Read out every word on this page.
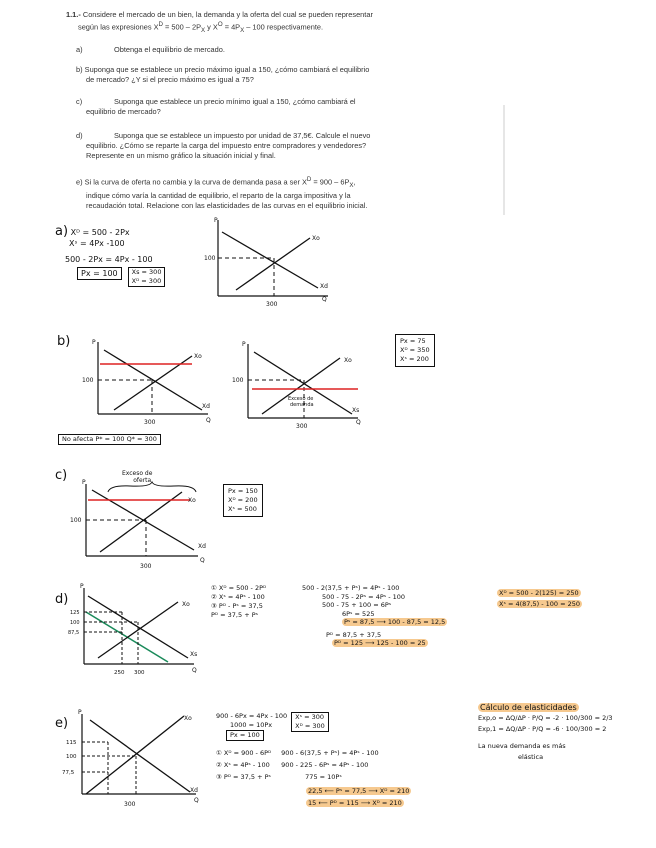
1.1.- Considere el mercado de un bien, la demanda y la oferta del cual se pueden representar
según las expresiones $X^D = 500 - 2P_X$ y $X^O = 4P_X - 100$ respectivamente.
a)	Obtenga el equilibrio de mercado.
b) Suponga que se establece un precio máximo igual a 150, ¿cómo cambiará el equilibrio
de mercado? ¿Y si el precio máximo es igual a 75?
c)	Suponga que establece un precio mínimo igual a 150, ¿cómo cambiará el
equilibrio de mercado?
d)	Suponga que se establece un impuesto por unidad de 37,5€. Calcule el nuevo
equilibrio. ¿Cómo se reparte la carga del impuesto entre compradores y vendedores?
Represente en un mismo gráfico la situación inicial y final.
e) Si la curva de oferta no cambia y la curva de demanda pasa a ser $X^D = 900 - 6P_X$,
indique cómo varía la cantidad de equilibrio, el reparto de la carga impositiva y la
recaudación total. Relacione con las elasticidades de las curvas en el equilibrio inicial.
a) Xᴰ = 500 - 2Px
Xˢ = 4Px -100
500 - 2Px = 4Px - 100
Px = 100	Xs = 300
Xᴰ = 300
P
100
300
Xo
Xd
Q
b)	P
100
300
Xo
Xd
Q
No afecta P* = 100 Q* = 300
P
100
300
Xo
Xs
Q
Exceso de
demanda
Px = 75
Xᴰ = 350
Xˢ = 200
c)	Exceso de
oferta
P
100
300
Xo
Xd
Q
Px = 150
Xᴰ = 200
Xˢ = 500
d)
P
125
100
87,5
250 300
Xo
Xs
Q
① Xᴰ = 500 - 2Pᴰ
② Xˢ = 4Pˢ - 100
③ Pᴰ - Pˢ = 37,5
Pᴰ = 37,5 + Pˢ
500 - 2(37,5 + Pˢ) = 4Pˢ - 100
500 - 75 - 2Pˢ = 4Pˢ - 100
500 - 75 + 100 = 6Pˢ
6Pˢ = 525
Pˢ = 87,5 ⟶ 100 - 87,5 = 12,5
Pᴰ = 87,5 + 37,5
Pᴰ = 125 ⟶ 125 - 100 = 25
Xᴰ = 500 - 2(125) = 250
Xˢ = 4(87,5) - 100 = 250
e)
P
115
100
77,5
300
Xo
Xd
Q
900 - 6Px = 4Px - 100
1000 = 10Px
Px = 100
Xˢ = 300
Xᴰ = 300
① Xᴰ = 900 - 6Pᴰ
② Xˢ = 4Pˢ - 100
③ Pᴰ = 37,5 + Pˢ
900 - 6(37,5 + Pˢ) = 4Pˢ - 100
900 - 225 - 6Pˢ = 4Pˢ - 100
775 = 10Pˢ
22,5 ⟵ Pˢ = 77,5 ⟶ Xᴰ = 210
15 ⟵ Pᴰ = 115 ⟶ Xᴰ = 210
Cálculo de elasticidades
Exp,o = ΔQ/ΔP · P/Q = -2 · 100/300 = 2/3
Exp,1 = ΔQ/ΔP · P/Q = -6 · 100/300 = 2
La nueva demanda es más
elástica
